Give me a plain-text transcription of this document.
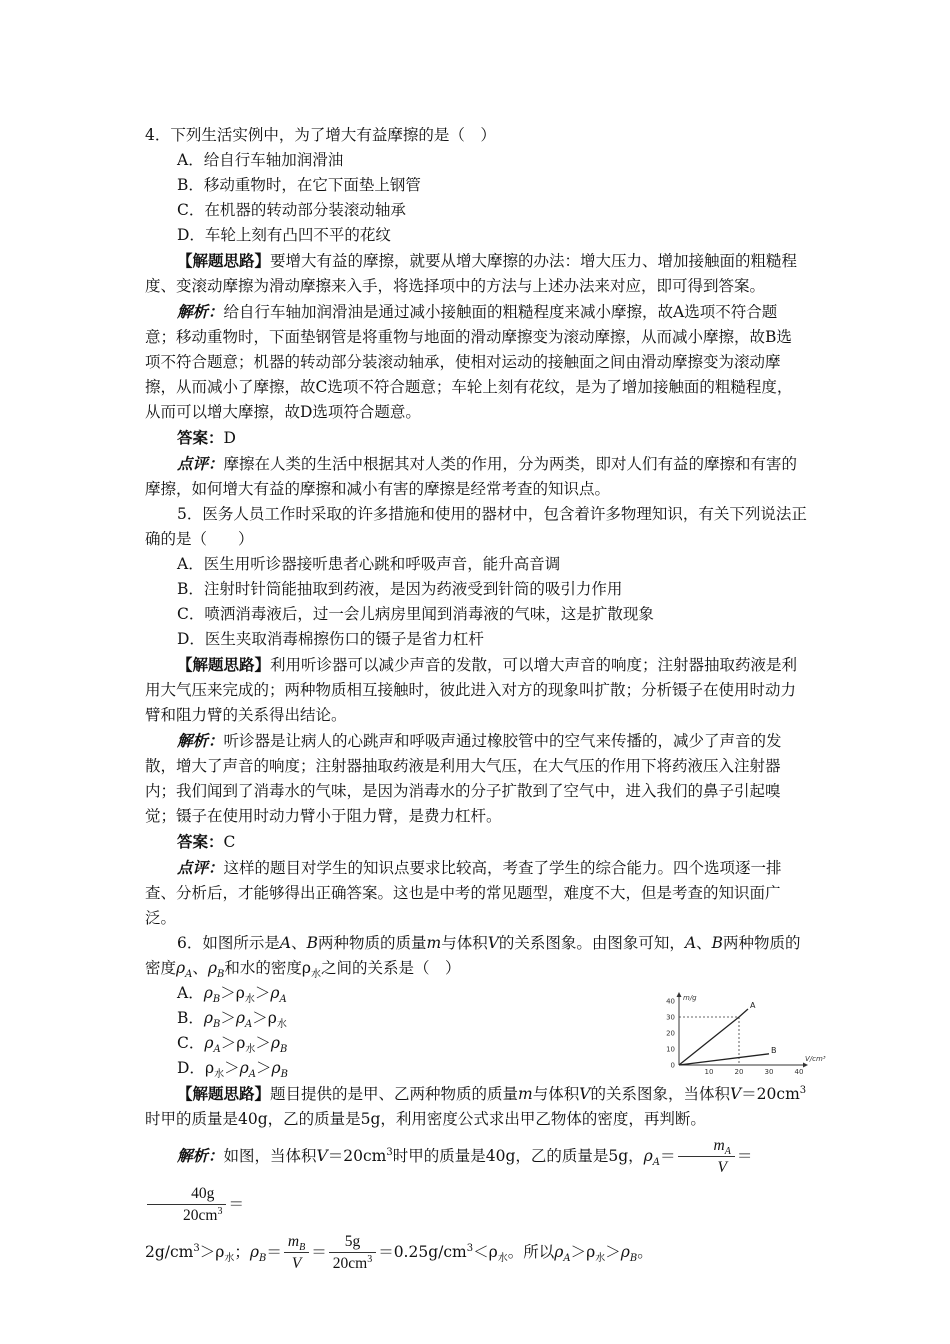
4．下列生活实例中，为了增大有益摩擦的是（　）

A．给自行车轴加润滑油

B．移动重物时，在它下面垫上钢管

C．在机器的转动部分装滚动轴承

D．车轮上刻有凸凹不平的花纹

【解题思路】要增大有益的摩擦，就要从增大摩擦的办法：增大压力、增加接触面的粗糙程度、变滚动摩擦为滑动摩擦来入手，将选择项中的方法与上述办法来对应，即可得到答案。

解析：给自行车轴加润滑油是通过减小接触面的粗糙程度来减小摩擦，故A选项不符合题意；移动重物时，下面垫钢管是将重物与地面的滑动摩擦变为滚动摩擦，从而减小摩擦，故B选项不符合题意；机器的转动部分装滚动轴承，使相对运动的接触面之间由滑动摩擦变为滚动摩擦，从而减小了摩擦，故C选项不符合题意；车轮上刻有花纹，是为了增加接触面的粗糙程度，从而可以增大摩擦，故D选项符合题意。

答案：D

点评：摩擦在人类的生活中根据其对人类的作用，分为两类，即对人们有益的摩擦和有害的摩擦，如何增大有益的摩擦和减小有害的摩擦是经常考查的知识点。

5．医务人员工作时采取的许多措施和使用的器材中，包含着许多物理知识，有关下列说法正确的是（　　）

A．医生用听诊器接听患者心跳和呼吸声音，能升高音调

B．注射时针筒能抽取到药液，是因为药液受到针筒的吸引力作用

C．喷洒消毒液后，过一会儿病房里闻到消毒液的气味，这是扩散现象

D．医生夹取消毒棉擦伤口的镊子是省力杠杆

【解题思路】利用听诊器可以减少声音的发散，可以增大声音的响度；注射器抽取药液是利用大气压来完成的；两种物质相互接触时，彼此进入对方的现象叫扩散；分析镊子在使用时动力臂和阻力臂的关系得出结论。

解析：听诊器是让病人的心跳声和呼吸声通过橡胶管中的空气来传播的，减少了声音的发散，增大了声音的响度；注射器抽取药液是利用大气压，在大气压的作用下将药液压入注射器内；我们闻到了消毒水的气味，是因为消毒水的分子扩散到了空气中，进入我们的鼻子引起嗅觉；镊子在使用时动力臂小于阻力臂，是费力杠杆。

答案：C

点评：这样的题目对学生的知识点要求比较高，考查了学生的综合能力。四个选项逐一排查、分析后，才能够得出正确答案。这也是中考的常见题型，难度不大，但是考查的知识面广泛。

6．如图所示是A、B两种物质的质量m与体积V的关系图象。由图象可知，A、B两种物质的密度$\rho_A$、$\rho_B$和水的密度$\rho_水$之间的关系是（　）

A．$\rho_B>\rho_水>\rho_A$

B．$\rho_B>\rho_A>\rho_水$

C．$\rho_A>\rho_水>\rho_B$

D．$\rho_水>\rho_A>\rho_B$

m/g
V/cm³
0
10
20
30
40
10	20	30	40
A
B

【解题思路】题目提供的是甲、乙两种物质的质量m与体积V的关系图象，当体积$V=20cm^3$时甲的质量是40g，乙的质量是5g，利用密度公式求出甲乙物体的密度，再判断。

解析：如图，当体积$V=20cm^3$时甲的质量是40g，乙的质量是5g，$\rho_A= \frac{m_A}{V}$ ＝
$\frac{40g}{20cm^3}$ ＝

$2g/cm^3>\rho_水$；$\rho_B= \frac{m_B}{V} = \frac{5g}{20cm^3} =0.25g/cm^3<\rho_水$。所以$\rho_A>\rho_水>\rho_B$。
